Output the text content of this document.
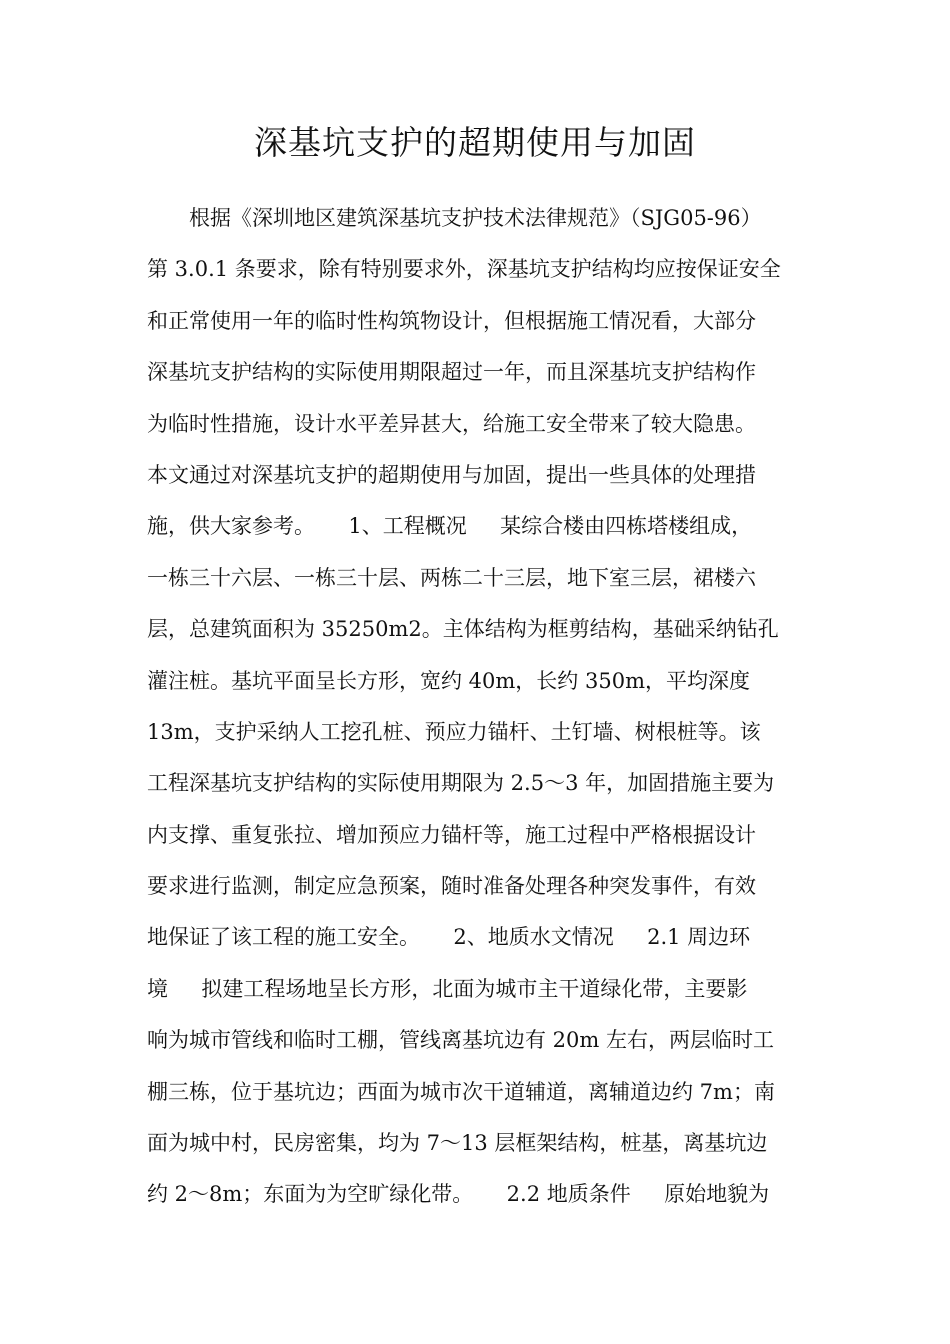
深基坑支护的超期使用与加固
根据《深圳地区建筑深基坑支护技术法律规范》（SJG05-96）
第 3.0.1 条要求，除有特别要求外，深基坑支护结构均应按保证安全
和正常使用一年的临时性构筑物设计，但根据施工情况看，大部分
深基坑支护结构的实际使用期限超过一年，而且深基坑支护结构作
为临时性措施，设计水平差异甚大，给施工安全带来了较大隐患。
本文通过对深基坑支护的超期使用与加固，提出一些具体的处理措
施，供大家参考。     1、工程概况     某综合楼由四栋塔楼组成，
一栋三十六层、一栋三十层、两栋二十三层，地下室三层，裙楼六
层，总建筑面积为 35250m2。主体结构为框剪结构，基础采纳钻孔
灌注桩。基坑平面呈长方形，宽约 40m，长约 350m，平均深度
13m，支护采纳人工挖孔桩、预应力锚杆、土钉墙、树根桩等。该
工程深基坑支护结构的实际使用期限为 2.5～3 年，加固措施主要为
内支撑、重复张拉、增加预应力锚杆等，施工过程中严格根据设计
要求进行监测，制定应急预案，随时准备处理各种突发事件，有效
地保证了该工程的施工安全。     2、地质水文情况     2.1 周边环
境     拟建工程场地呈长方形，北面为城市主干道绿化带，主要影
响为城市管线和临时工棚，管线离基坑边有 20m 左右，两层临时工
棚三栋，位于基坑边；西面为城市次干道辅道，离辅道边约 7m；南
面为城中村，民房密集，均为 7～13 层框架结构，桩基，离基坑边
约 2～8m；东面为为空旷绿化带。     2.2 地质条件     原始地貌为
